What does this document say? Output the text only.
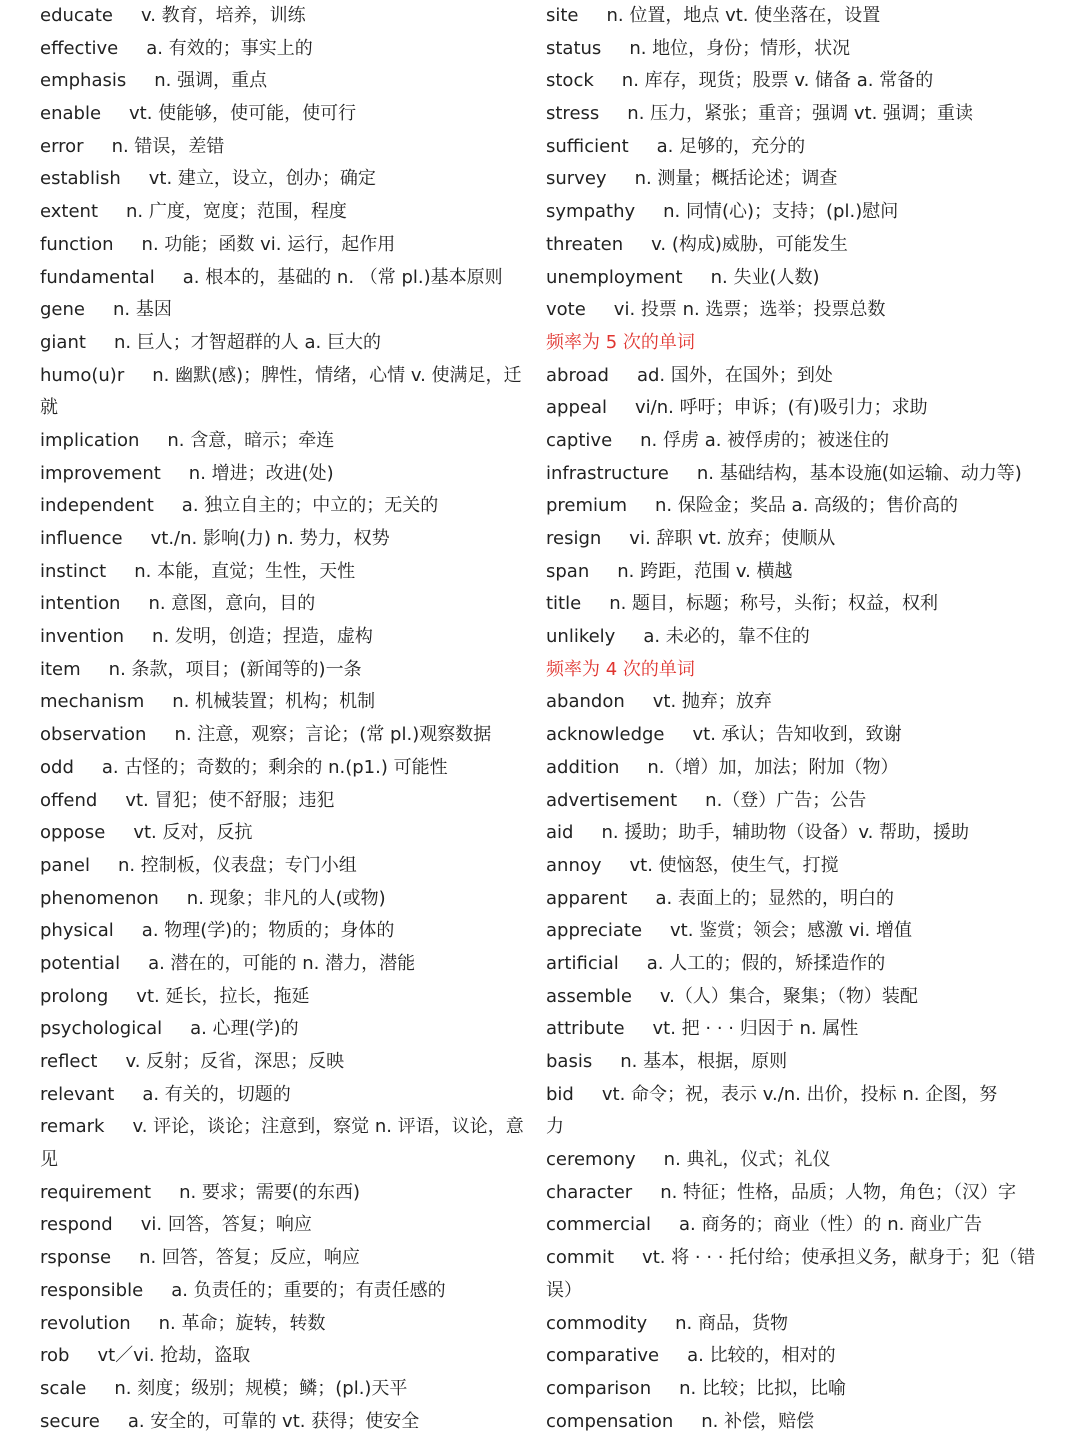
educate v. 教育，培养，训练
effective a. 有效的；事实上的
emphasis n. 强调，重点
enable vt. 使能够，使可能，使可行
error n. 错误，差错
establish vt. 建立，设立，创办；确定
extent n. 广度，宽度；范围，程度
function n. 功能；函数 vi. 运行，起作用
fundamental a. 根本的，基础的 n. （常 pl.)基本原则
gene n. 基因
giant n. 巨人；才智超群的人 a. 巨大的
humo(u)r n. 幽默(感)；脾性，情绪，心情 v. 使满足，迁
就
implication n. 含意，暗示；牵连
improvement n. 增进；改进(处)
independent a. 独立自主的；中立的；无关的
influence vt./n. 影响(力) n. 势力，权势
instinct n. 本能，直觉；生性，天性
intention n. 意图，意向，目的
invention n. 发明，创造；捏造，虚构
item n. 条款，项目；(新闻等的)一条
mechanism n. 机械装置；机构；机制
observation n. 注意，观察；言论；(常 pl.)观察数据
odd a. 古怪的；奇数的；剩余的 n.(p1.) 可能性
offend vt. 冒犯；使不舒服；违犯
oppose vt. 反对，反抗
panel n. 控制板，仪表盘；专门小组
phenomenon n. 现象；非凡的人(或物)
physical a. 物理(学)的；物质的；身体的
potential a. 潜在的，可能的 n. 潜力，潜能
prolong vt. 延长，拉长，拖延
psychological a. 心理(学)的
reflect v. 反射；反省，深思；反映
relevant a. 有关的，切题的
remark v. 评论，谈论；注意到，察觉 n. 评语，议论，意
见
requirement n. 要求；需要(的东西)
respond vi. 回答，答复；响应
rsponse n. 回答，答复；反应，响应
responsible a. 负责任的；重要的；有责任感的
revolution n. 革命；旋转，转数
rob vt／vi. 抢劫，盗取
scale n. 刻度；级别；规模；鳞；(pl.)天平
secure a. 安全的，可靠的 vt. 获得；使安全
site n. 位置，地点 vt. 使坐落在，设置
status n. 地位，身份；情形，状况
stock n. 库存，现货；股票 v. 储备 a. 常备的
stress n. 压力，紧张；重音；强调 vt. 强调；重读
sufficient a. 足够的，充分的
survey n. 测量；概括论述；调查
sympathy n. 同情(心)；支持；(pl.)慰问
threaten v. (构成)威胁，可能发生
unemployment n. 失业(人数)
vote vi. 投票 n. 选票；选举；投票总数
频率为 5 次的单词
abroad ad. 国外，在国外；到处
appeal vi/n. 呼吁；申诉；(有)吸引力；求助
captive n. 俘虏 a. 被俘虏的；被迷住的
infrastructure n. 基础结构，基本设施(如运输、动力等)
premium n. 保险金；奖品 a. 高级的；售价高的
resign vi. 辞职 vt. 放弃；使顺从
span n. 跨距，范围 v. 横越
title n. 题目，标题；称号，头衔；权益，权利
unlikely a. 未必的，靠不住的
频率为 4 次的单词
abandon vt. 抛弃；放弃
acknowledge vt. 承认；告知收到，致谢
addition n.（增）加，加法；附加（物）
advertisement n.（登）广告；公告
aid n. 援助；助手，辅助物（设备）v. 帮助，援助
annoy vt. 使恼怒，使生气，打搅
apparent a. 表面上的；显然的，明白的
appreciate vt. 鉴赏；领会；感激 vi. 增值
artificial a. 人工的；假的，矫揉造作的
assemble v.（人）集合，聚集；（物）装配
attribute vt. 把 · · · 归因于 n. 属性
basis n. 基本，根据，原则
bid vt. 命令；祝，表示 v./n. 出价，投标 n. 企图，努
力
ceremony n. 典礼，仪式；礼仪
character n. 特征；性格，品质；人物，角色；（汉）字
commercial a. 商务的；商业（性）的 n. 商业广告
commit vt. 将 · · · 托付给；使承担义务，献身于；犯（错
误）
commodity n. 商品，货物
comparative a. 比较的，相对的
comparison n. 比较；比拟，比喻
compensation n. 补偿，赔偿
